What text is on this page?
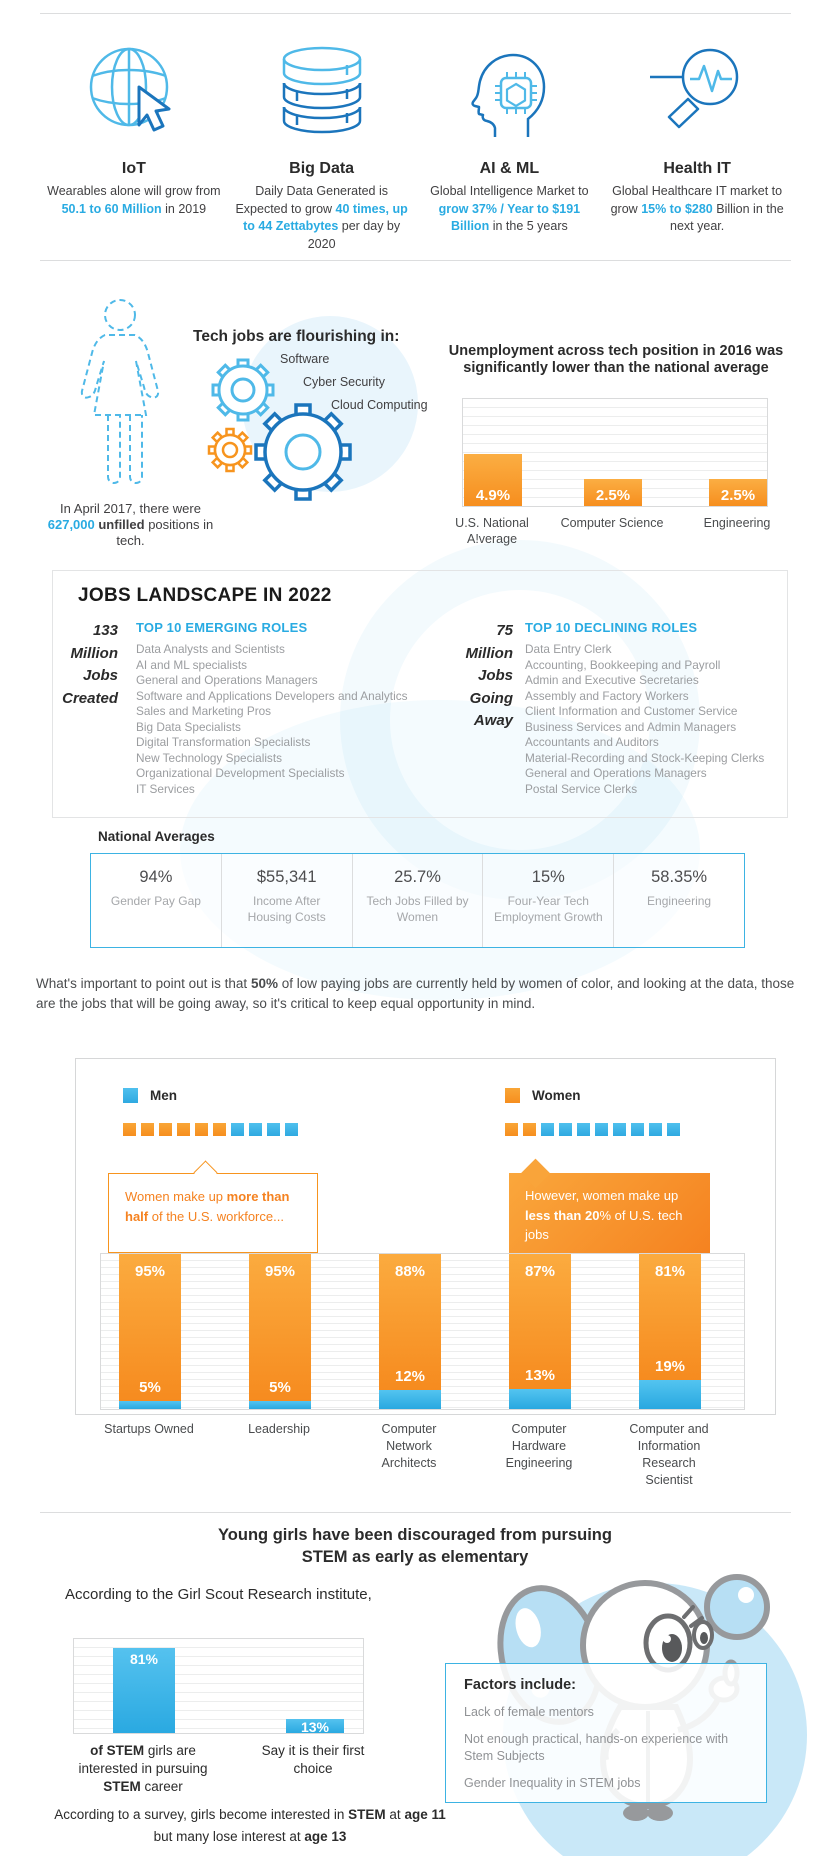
IoT
Wearables alone will grow from 50.1 to 60 Million in 2019
Big Data
Daily Data Generated is Expected to grow 40 times, up to 44 Zettabytes per day by 2020
AI & ML
Global Intelligence Market to grow 37% / Year to $191 Billion in the 5 years
Health IT
Global Healthcare IT market to grow 15% to $280 Billion in the next year.
In April 2017, there were 627,000 unfilled positions in tech.
Tech jobs are flourishing in:
Software
Cyber Security
Cloud Computing
Unemployment across tech position in 2016 was
significantly lower than the national average
4.9%	2.5%	2.5%
U.S. National A!verage
Computer Science	Engineering
JOBS LANDSCAPE IN 2022
133
Million
Jobs
Created
TOP 10 EMERGING ROLES
Data Analysts and Scientists
AI and ML specialists
General and Operations Managers
Software and Applications Developers and Analytics
Sales and Marketing Pros
Big Data Specialists
Digital Transformation Specialists
New Technology Specialists
Organizational Development Specialists
IT Services
75
Million
Jobs
Going
Away
TOP 10 DECLINING ROLES
Data Entry Clerk
Accounting, Bookkeeping and Payroll
Admin and Executive Secretaries
Assembly and Factory Workers
Client Information and Customer Service
Business Services and Admin Managers
Accountants and Auditors
Material-Recording and Stock-Keeping Clerks
General and Operations Managers
Postal Service Clerks
National Averages
94%
Gender Pay Gap
$55,341
Income After Housing Costs
25.7%
Tech Jobs Filled by Women
15%
Four-Year Tech Employment Growth
58.35%
Engineering
What's important to point out is that 50% of low paying jobs are currently held by women of color, and looking at the data, those are the jobs that will be going away, so it's critical to keep equal opportunity in mind.
Men	Women
Women make up more than half of the U.S. workforce...
However, women make up less than 20% of U.S. tech jobs
95%
5%
95%
5%
88%
12%
87%
13%
81%
19%
Startups Owned	Leadership	Computer Network Architects
Computer Hardware Engineering
Computer and Information Research Scientist
Young girls have been discouraged from pursuing
STEM as early as elementary
According to the Girl Scout Research institute,
81%
13%
of STEM girls are interested in pursuing STEM career
Say it is their first choice
Factors include:
Lack of female mentors
Not enough practical, hands-on experience with Stem Subjects
Gender Inequality in STEM jobs
According to a survey, girls become interested in STEM at age 11 but many lose interest at age 13
